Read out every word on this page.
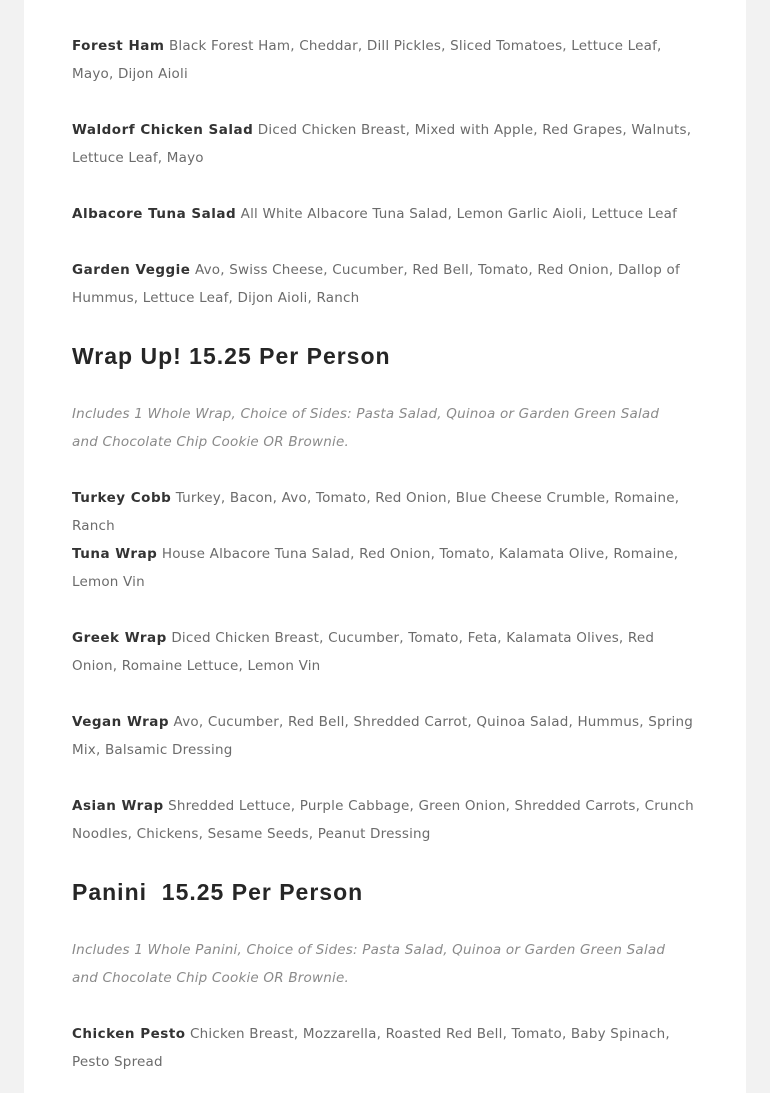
Forest Ham Black Forest Ham, Cheddar, Dill Pickles, Sliced Tomatoes, Lettuce Leaf, Mayo, Dijon Aioli

Waldorf Chicken Salad Diced Chicken Breast, Mixed with Apple, Red Grapes, Walnuts, Lettuce Leaf, Mayo

Albacore Tuna Salad All White Albacore Tuna Salad, Lemon Garlic Aioli, Lettuce Leaf

Garden Veggie Avo, Swiss Cheese, Cucumber, Red Bell, Tomato, Red Onion, Dallop of Hummus, Lettuce Leaf, Dijon Aioli, Ranch

Wrap Up! 15.25 Per Person

Includes 1 Whole Wrap, Choice of Sides: Pasta Salad, Quinoa or Garden Green Salad and Chocolate Chip Cookie OR Brownie.

Turkey Cobb Turkey, Bacon, Avo, Tomato, Red Onion, Blue Cheese Crumble, Romaine, Ranch

Tuna Wrap House Albacore Tuna Salad, Red Onion, Tomato, Kalamata Olive, Romaine, Lemon Vin

Greek Wrap Diced Chicken Breast, Cucumber, Tomato, Feta, Kalamata Olives, Red Onion, Romaine Lettuce, Lemon Vin

Vegan Wrap Avo, Cucumber, Red Bell, Shredded Carrot, Quinoa Salad, Hummus, Spring Mix, Balsamic Dressing

Asian Wrap Shredded Lettuce, Purple Cabbage, Green Onion, Shredded Carrots, Crunch Noodles, Chickens, Sesame Seeds, Peanut Dressing

Panini  15.25 Per Person

Includes 1 Whole Panini, Choice of Sides: Pasta Salad, Quinoa or Garden Green Salad and Chocolate Chip Cookie OR Brownie.

Chicken Pesto Chicken Breast, Mozzarella, Roasted Red Bell, Tomato, Baby Spinach, Pesto Spread
